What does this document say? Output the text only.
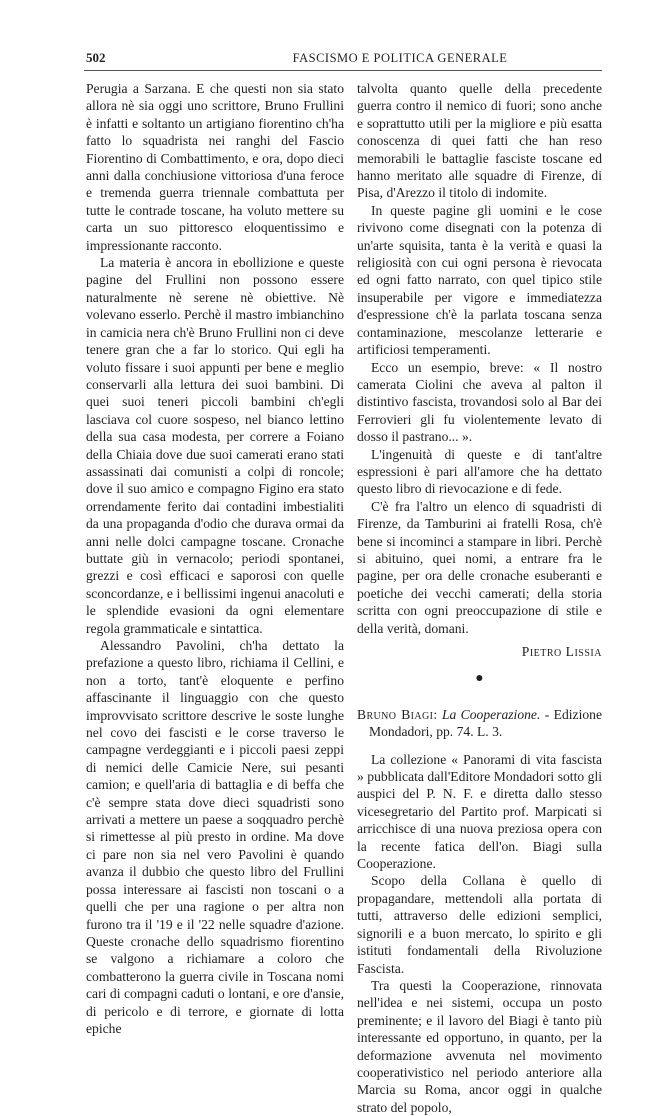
502	FASCISMO E POLITICA GENERALE

Perugia a Sarzana. E che questi non sia stato allora nè sia oggi uno scrittore, Bruno Frullini è infatti e soltanto un artigiano fiorentino ch'ha fatto lo squadrista nei ranghi del Fascio Fiorentino di Combattimento, e ora, dopo dieci anni dalla conchiusione vittoriosa d'una feroce e tremenda guerra triennale combattuta per tutte le contrade toscane, ha voluto mettere su carta un suo pittoresco eloquentissimo e impressionante racconto.

La materia è ancora in ebollizione e queste pagine del Frullini non possono essere naturalmente nè serene nè obiettive. Nè volevano esserlo. Perchè il mastro imbianchino in camicia nera ch'è Bruno Frullini non ci deve tenere gran che a far lo storico. Qui egli ha voluto fissare i suoi appunti per bene e meglio conservarli alla lettura dei suoi bambini. Di quei suoi teneri piccoli bambini ch'egli lasciava col cuore sospeso, nel bianco lettino della sua casa modesta, per correre a Foiano della Chiaia dove due suoi camerati erano stati assassinati dai comunisti a colpi di roncole; dove il suo amico e compagno Figino era stato orrendamente ferito dai contadini imbestialiti da una propaganda d'odio che durava ormai da anni nelle dolci campagne toscane. Cronache buttate giù in vernacolo; periodi spontanei, grezzi e così efficaci e saporosi con quelle sconcordanze, e i bellissimi ingenui anacoluti e le splendide evasioni da ogni elementare regola grammaticale e sintattica.

Alessandro Pavolini, ch'ha dettato la prefazione a questo libro, richiama il Cellini, e non a torto, tant'è eloquente e perfino affascinante il linguaggio con che questo improvvisato scrittore descrive le soste lunghe nel covo dei fascisti e le corse traverso le campagne verdeggianti e i piccoli paesi zeppi di nemici delle Camicie Nere, sui pesanti camion; e quell'aria di battaglia e di beffa che c'è sempre stata dove dieci squadristi sono arrivati a mettere un paese a soqquadro perchè si rimettesse al più presto in ordine. Ma dove ci pare non sia nel vero Pavolini è quando avanza il dubbio che questo libro del Frullini possa interessare ai fascisti non toscani o a quelli che per una ragione o per altra non furono tra il '19 e il '22 nelle squadre d'azione. Queste cronache dello squadrismo fiorentino se valgono a richiamare a coloro che combatterono la guerra civile in Toscana nomi cari di compagni caduti o lontani, e ore d'ansie, di pericolo e di terrore, e giornate di lotta epiche

talvolta quanto quelle della precedente guerra contro il nemico di fuori; sono anche e soprattutto utili per la migliore e più esatta conoscenza di quei fatti che han reso memorabili le battaglie fasciste toscane ed hanno meritato alle squadre di Firenze, di Pisa, d'Arezzo il titolo di indomite.

In queste pagine gli uomini e le cose rivivono come disegnati con la potenza di un'arte squisita, tanta è la verità e quasi la religiosità con cui ogni persona è rievocata ed ogni fatto narrato, con quel tipico stile insuperabile per vigore e immediatezza d'espressione ch'è la parlata toscana senza contaminazione, mescolanze letterarie e artificiosi temperamenti.

Ecco un esempio, breve: « Il nostro camerata Ciolini che aveva al palton il distintivo fascista, trovandosi solo al Bar dei Ferrovieri gli fu violentemente levato di dosso il pastrano... ».

L'ingenuità di queste e di tant'altre espressioni è pari all'amore che ha dettato questo libro di rievocazione e di fede.

C'è fra l'altro un elenco di squadristi di Firenze, da Tamburini ai fratelli Rosa, ch'è bene si incominci a stampare in libri. Perchè si abituino, quei nomi, a entrare fra le pagine, per ora delle cronache esuberanti e poetiche dei vecchi camerati; della storia scritta con ogni preoccupazione di stile e della verità, domani.

Pietro Lissia

●

Bruno Biagi: La Cooperazione. - Edizione Mondadori, pp. 74. L. 3.

La collezione « Panorami di vita fascista » pubblicata dall'Editore Mondadori sotto gli auspici del P. N. F. e diretta dallo stesso vicesegretario del Partito prof. Marpicati si arricchisce di una nuova preziosa opera con la recente fatica dell'on. Biagi sulla Cooperazione.

Scopo della Collana è quello di propagandare, mettendoli alla portata di tutti, attraverso delle edizioni semplici, signorili e a buon mercato, lo spirito e gli istituti fondamentali della Rivoluzione Fascista.

Tra questi la Cooperazione, rinnovata nell'idea e nei sistemi, occupa un posto preminente; e il lavoro del Biagi è tanto più interessante ed opportuno, in quanto, per la deformazione avvenuta nel movimento cooperativistico nel periodo anteriore alla Marcia su Roma, ancor oggi in qualche strato del popolo,
